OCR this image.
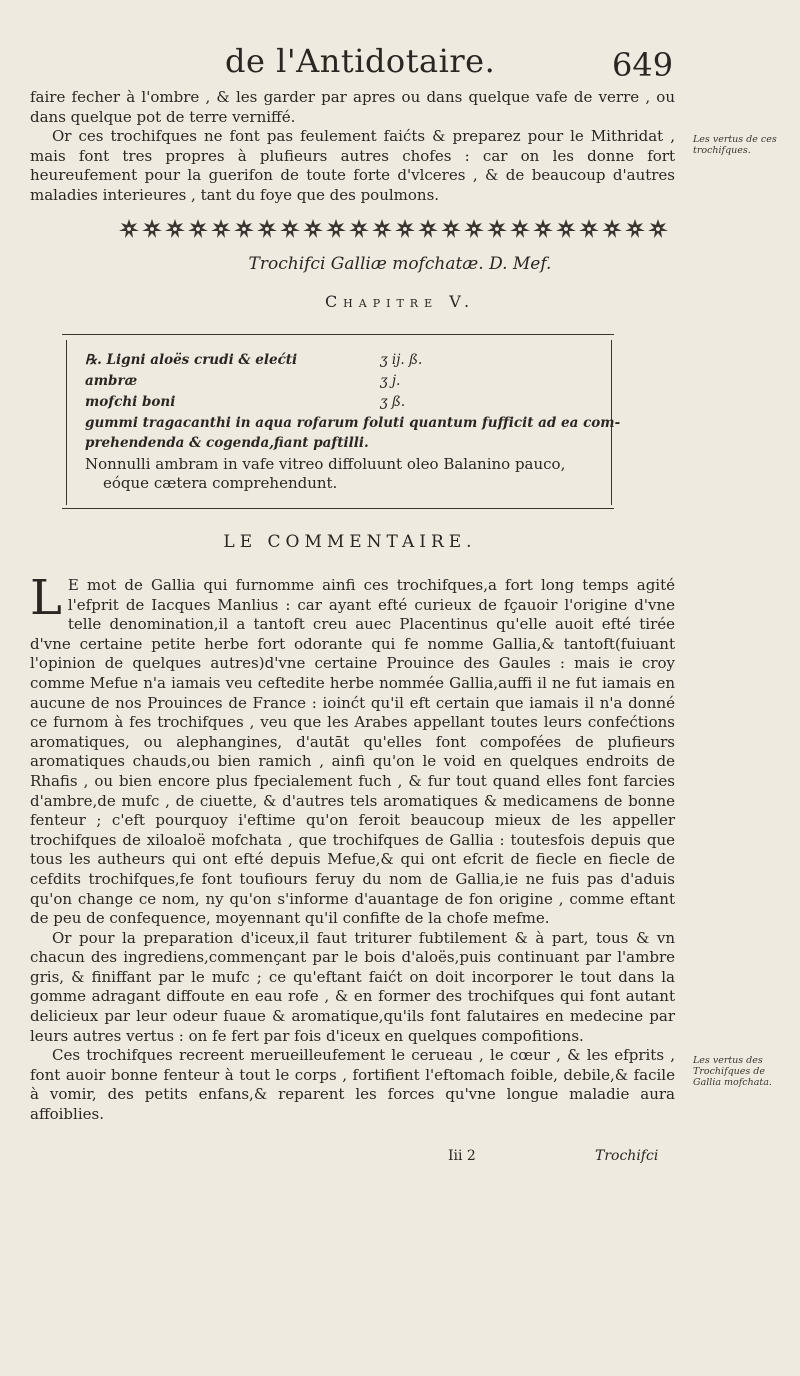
de l'Antidotaire.	649

faire fecher à l'ombre , & les garder par apres ou dans quelque vafe de verre , ou dans quelque pot de terre verniffé.

Or ces trochifques ne font pas feulement faićts & preparez pour le Mithridat , mais font tres propres à plufieurs autres chofes : car on les donne fort heureufement pour la guerifon de toute forte d'vlceres , & de beaucoup d'autres maladies interieures , tant du foye que des poulmons.

Les vertus de ces trochifques.
Trochifci Galliæ mofchatæ. D. Mef.
Chapitre V.
℞. Ligni aloës crudi & elećti	ʒ ij. ß.
ambræ	ʒ j.
mofchi boni	ʒ ß.
gummi tragacanthi in aqua rofarum foluti quantum fufficit ad ea com-
prehendenda & cogenda,fiant paftilli.
Nonnulli ambram in vafe vitreo diffoluunt oleo Balanino pauco,
eóque cætera comprehendunt.
LE COMMENTAIRE.

L E mot de Gallia qui furnomme ainfi ces trochifques,a fort long temps agité l'efprit de Iacques Manlius : car ayant efté curieux de fçauoir l'origine d'vne telle denomination,il a tantoft creu auec Placentinus qu'elle auoit efté tirée d'vne certaine petite herbe fort odorante qui fe nomme Gallia,& tantoft(fuiuant l'opinion de quelques autres)d'vne certaine Prouince des Gaules : mais ie croy comme Mefue n'a iamais veu ceftedite herbe nommée Gallia,auffi il ne fut iamais en aucune de nos Prouinces de France : ioinćt qu'il eft certain que iamais il n'a donné ce furnom à fes trochifques , veu que les Arabes appellant toutes leurs confećtions aromatiques, ou alephangines, d'autāt qu'elles font compofées de plufieurs aromatiques chauds,ou bien ramich , ainfi qu'on le void en quelques endroits de Rhafis , ou bien encore plus fpecialement fuch , & fur tout quand elles font farcies d'ambre,de mufc , de ciuette, & d'autres tels aromatiques & medicamens de bonne fenteur ; c'eft pourquoy i'eftime qu'on feroit beaucoup mieux de les appeller trochifques de xiloaloë mofchata , que trochifques de Gallia : toutesfois depuis que tous les autheurs qui ont efté depuis Mefue,& qui ont efcrit de fiecle en fiecle de cefdits trochifques,fe font toufiours feruy du nom de Gallia,ie ne fuis pas d'aduis qu'on change ce nom, ny qu'on s'informe d'auantage de fon origine , comme eftant de peu de confequence, moyennant qu'il confifte de la chofe mefme.

Or pour la preparation d'iceux,il faut triturer fubtilement & à part, tous & vn chacun des ingrediens,commençant par le bois d'aloës,puis continuant par l'ambre gris, & finiffant par le mufc ; ce qu'eftant faićt on doit incorporer le tout dans la gomme adragant diffoute en eau rofe , & en former des trochifques qui font autant delicieux par leur odeur fuaue & aromatique,qu'ils font falutaires en medecine par leurs autres vertus : on fe fert par fois d'iceux en quelques compofitions.

Ces trochifques recreent merueilleufement le cerueau , le cœur , & les efprits , font auoir bonne fenteur à tout le corps , fortifient l'eftomach foible, debile,& facile à vomir, des petits enfans,& reparent les forces qu'vne longue maladie aura affoiblies.

Les vertus des Trochifques de Gallia mofchata.
Iii 2	Trochifci
